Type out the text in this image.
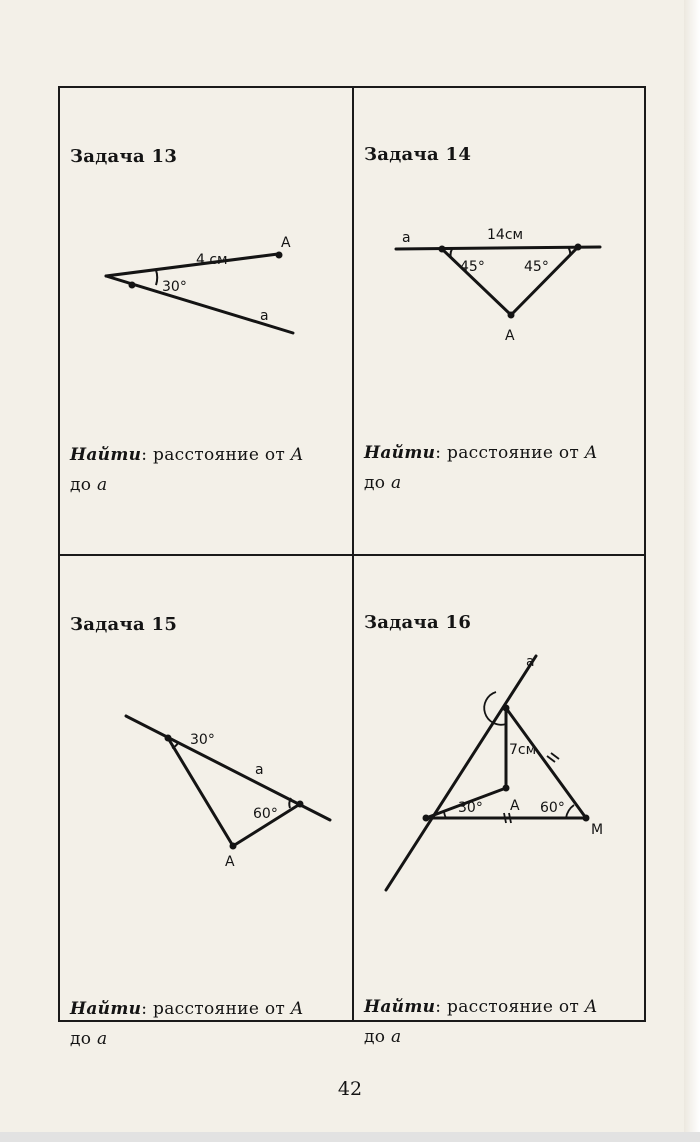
Задача 13
4 см
A
30°
a

Найти: расстояние от A
до a

Задача 14
a	14см
45°	45°
A

Найти: расстояние от A
до a

Задача 15
30°
a
60°
A

Найти: расстояние от A
до a

Задача 16
a
7см
A
30°	60°
M

Найти: расстояние от A
до a

42
